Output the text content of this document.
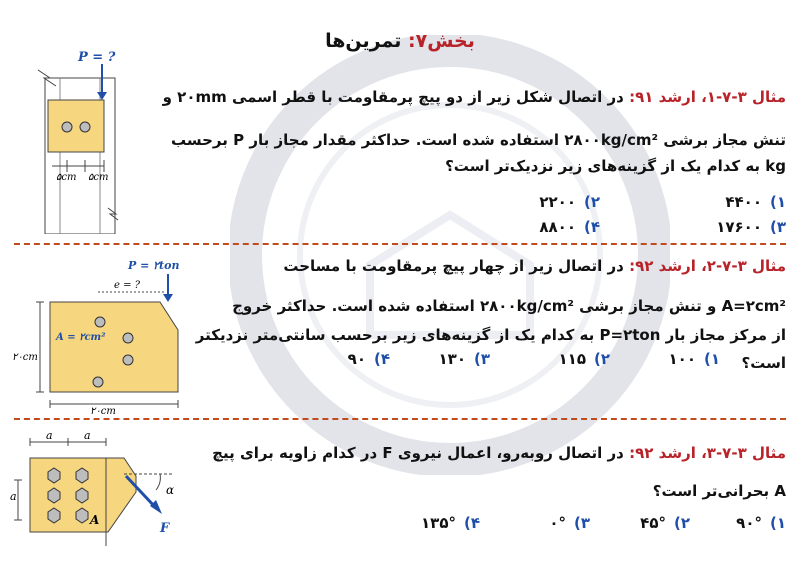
بخش۷: تمرین‌ها
مثال ۳-۷-۱، ارشد ۹۱: در اتصال شکل زیر از دو پیچ پرمقاومت با قطر اسمی ۲۰mm و
تنش مجاز برشی ۲۸۰۰kg/cm² استفاده شده است. حداکثر مقدار مجاز بار P برحسب
kg به کدام یک از گزینه‌های زیر نزدیک‌تر است؟
۱)۴۴۰۰
۲)۲۲۰۰
۳)۱۷۶۰۰
۴)۸۸۰۰
P = ?
۵cm ۵cm
مثال ۳-۷-۲، ارشد ۹۲: در اتصال زیر از چهار پیچ پرمقاومت با مساحت
A=۲cm² و تنش مجاز برشی ۲۸۰۰kg/cm² استفاده شده است. حداکثر خروج
از مرکز مجاز بار P=۲ton به کدام یک از گزینه‌های زیر برحسب سانتی‌متر نزدیکتر
است؟
۱)۱۰۰
۲)۱۱۵
۳)۱۳۰
۴)۹۰
P = ۲ton
e = ?
A = ۲cm²
۲۰cm
۲۰cm
مثال ۳-۷-۳، ارشد ۹۲: در اتصال روبه‌رو، اعمال نیروی F در کدام زاویه برای پیچ
A بحرانی‌تر است؟
۱)۹۰°
۲)۴۵°
۳)۰°
۴)۱۳۵°
A
a	a
a	α
F
